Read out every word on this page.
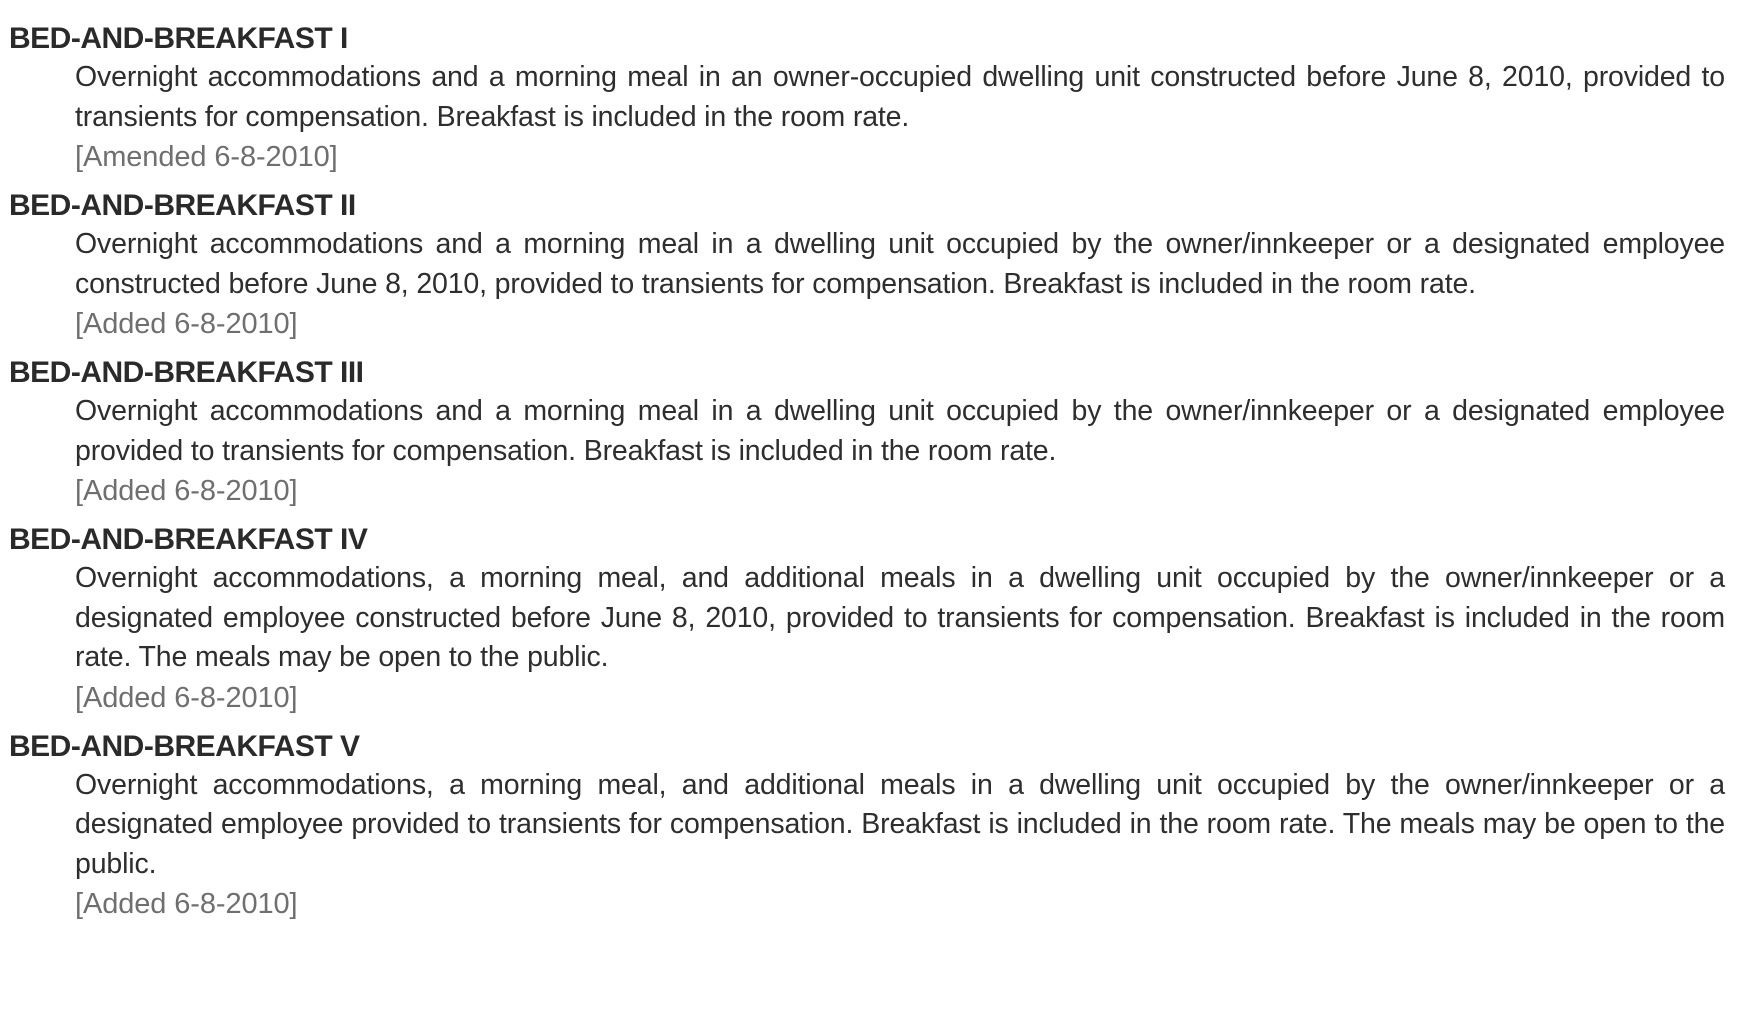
BED-AND-BREAKFAST I
Overnight accommodations and a morning meal in an owner-occupied dwelling unit constructed before June 8, 2010, provided to transients for compensation. Breakfast is included in the room rate.
[Amended 6-8-2010]
BED-AND-BREAKFAST II
Overnight accommodations and a morning meal in a dwelling unit occupied by the owner/innkeeper or a designated employee constructed before June 8, 2010, provided to transients for compensation. Breakfast is included in the room rate.
[Added 6-8-2010]
BED-AND-BREAKFAST III
Overnight accommodations and a morning meal in a dwelling unit occupied by the owner/innkeeper or a designated employee provided to transients for compensation. Breakfast is included in the room rate.
[Added 6-8-2010]
BED-AND-BREAKFAST IV
Overnight accommodations, a morning meal, and additional meals in a dwelling unit occupied by the owner/innkeeper or a designated employee constructed before June 8, 2010, provided to transients for compensation. Breakfast is included in the room rate. The meals may be open to the public.
[Added 6-8-2010]
BED-AND-BREAKFAST V
Overnight accommodations, a morning meal, and additional meals in a dwelling unit occupied by the owner/innkeeper or a designated employee provided to transients for compensation. Breakfast is included in the room rate. The meals may be open to the public.
[Added 6-8-2010]
